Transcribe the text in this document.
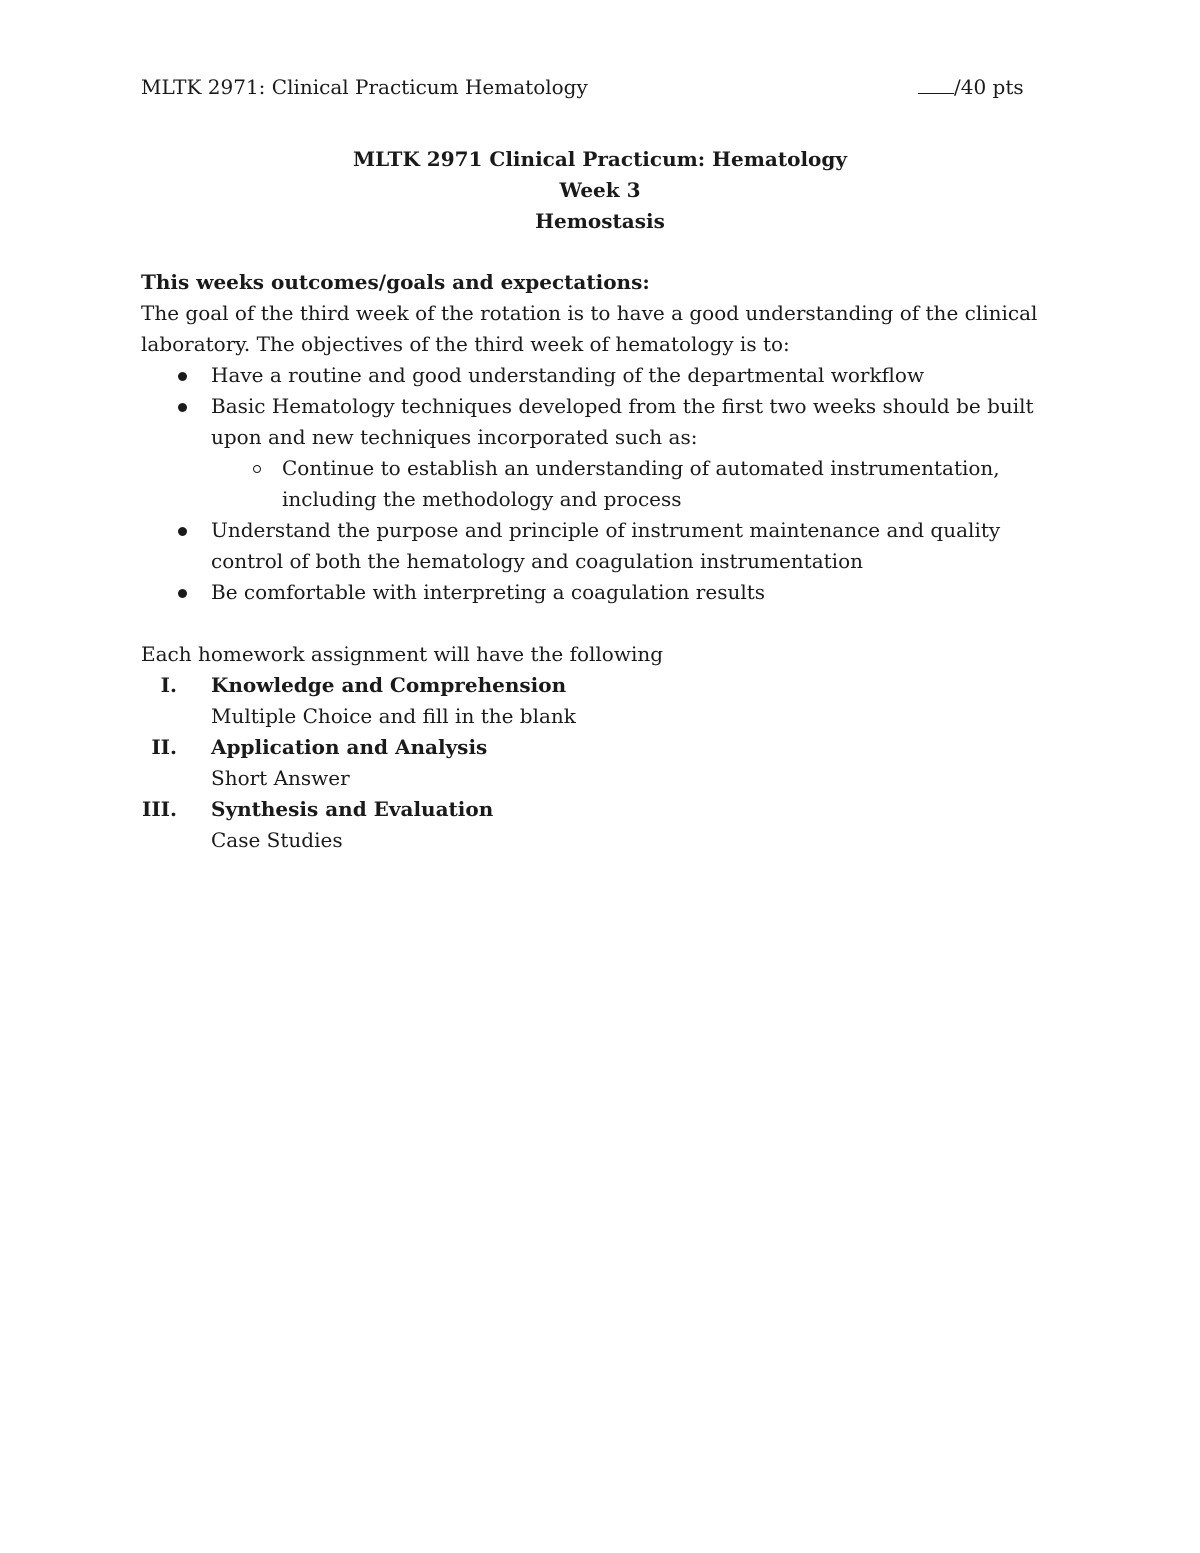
MLTK 2971: Clinical Practicum Hematology	/40 pts
MLTK 2971 Clinical Practicum: Hematology
Week 3
Hemostasis
This weeks outcomes/goals and expectations:

The goal of the third week of the rotation is to have a good understanding of the clinical laboratory. The objectives of the third week of hematology is to:

Have a routine and good understanding of the departmental workflow
Basic Hematology techniques developed from the first two weeks should be built upon and new techniques incorporated such as:
Continue to establish an understanding of automated instrumentation, including the methodology and process
Understand the purpose and principle of instrument maintenance and quality control of both the hematology and coagulation instrumentation
Be comfortable with interpreting a coagulation results
Each homework assignment will have the following
I. Knowledge and Comprehension
Multiple Choice and fill in the blank
II. Application and Analysis
Short Answer
III. Synthesis and Evaluation
Case Studies
